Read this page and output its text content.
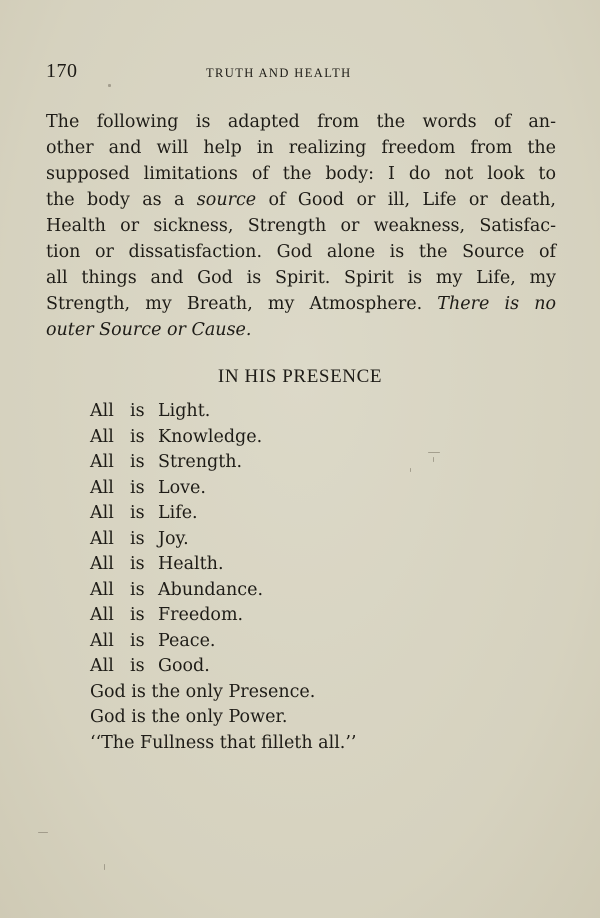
170	TRUTH AND HEALTH
The following is adapted from the words of an-
other and will help in realizing freedom from the
supposed limitations of the body: I do not look to
the body as a source of Good or ill, Life or death,
Health or sickness, Strength or weakness, Satisfac-
tion or dissatisfaction. God alone is the Source of
all things and God is Spirit. Spirit is my Life, my
Strength, my Breath, my Atmosphere. There is no
outer Source or Cause.
IN HIS PRESENCE
All is Light.
All is Knowledge.
All is Strength.
All is Love.
All is Life.
All is Joy.
All is Health.
All is Abundance.
All is Freedom.
All is Peace.
All is Good.
God is the only Presence.
God is the only Power.
‘‘The Fullness that filleth all.’’
